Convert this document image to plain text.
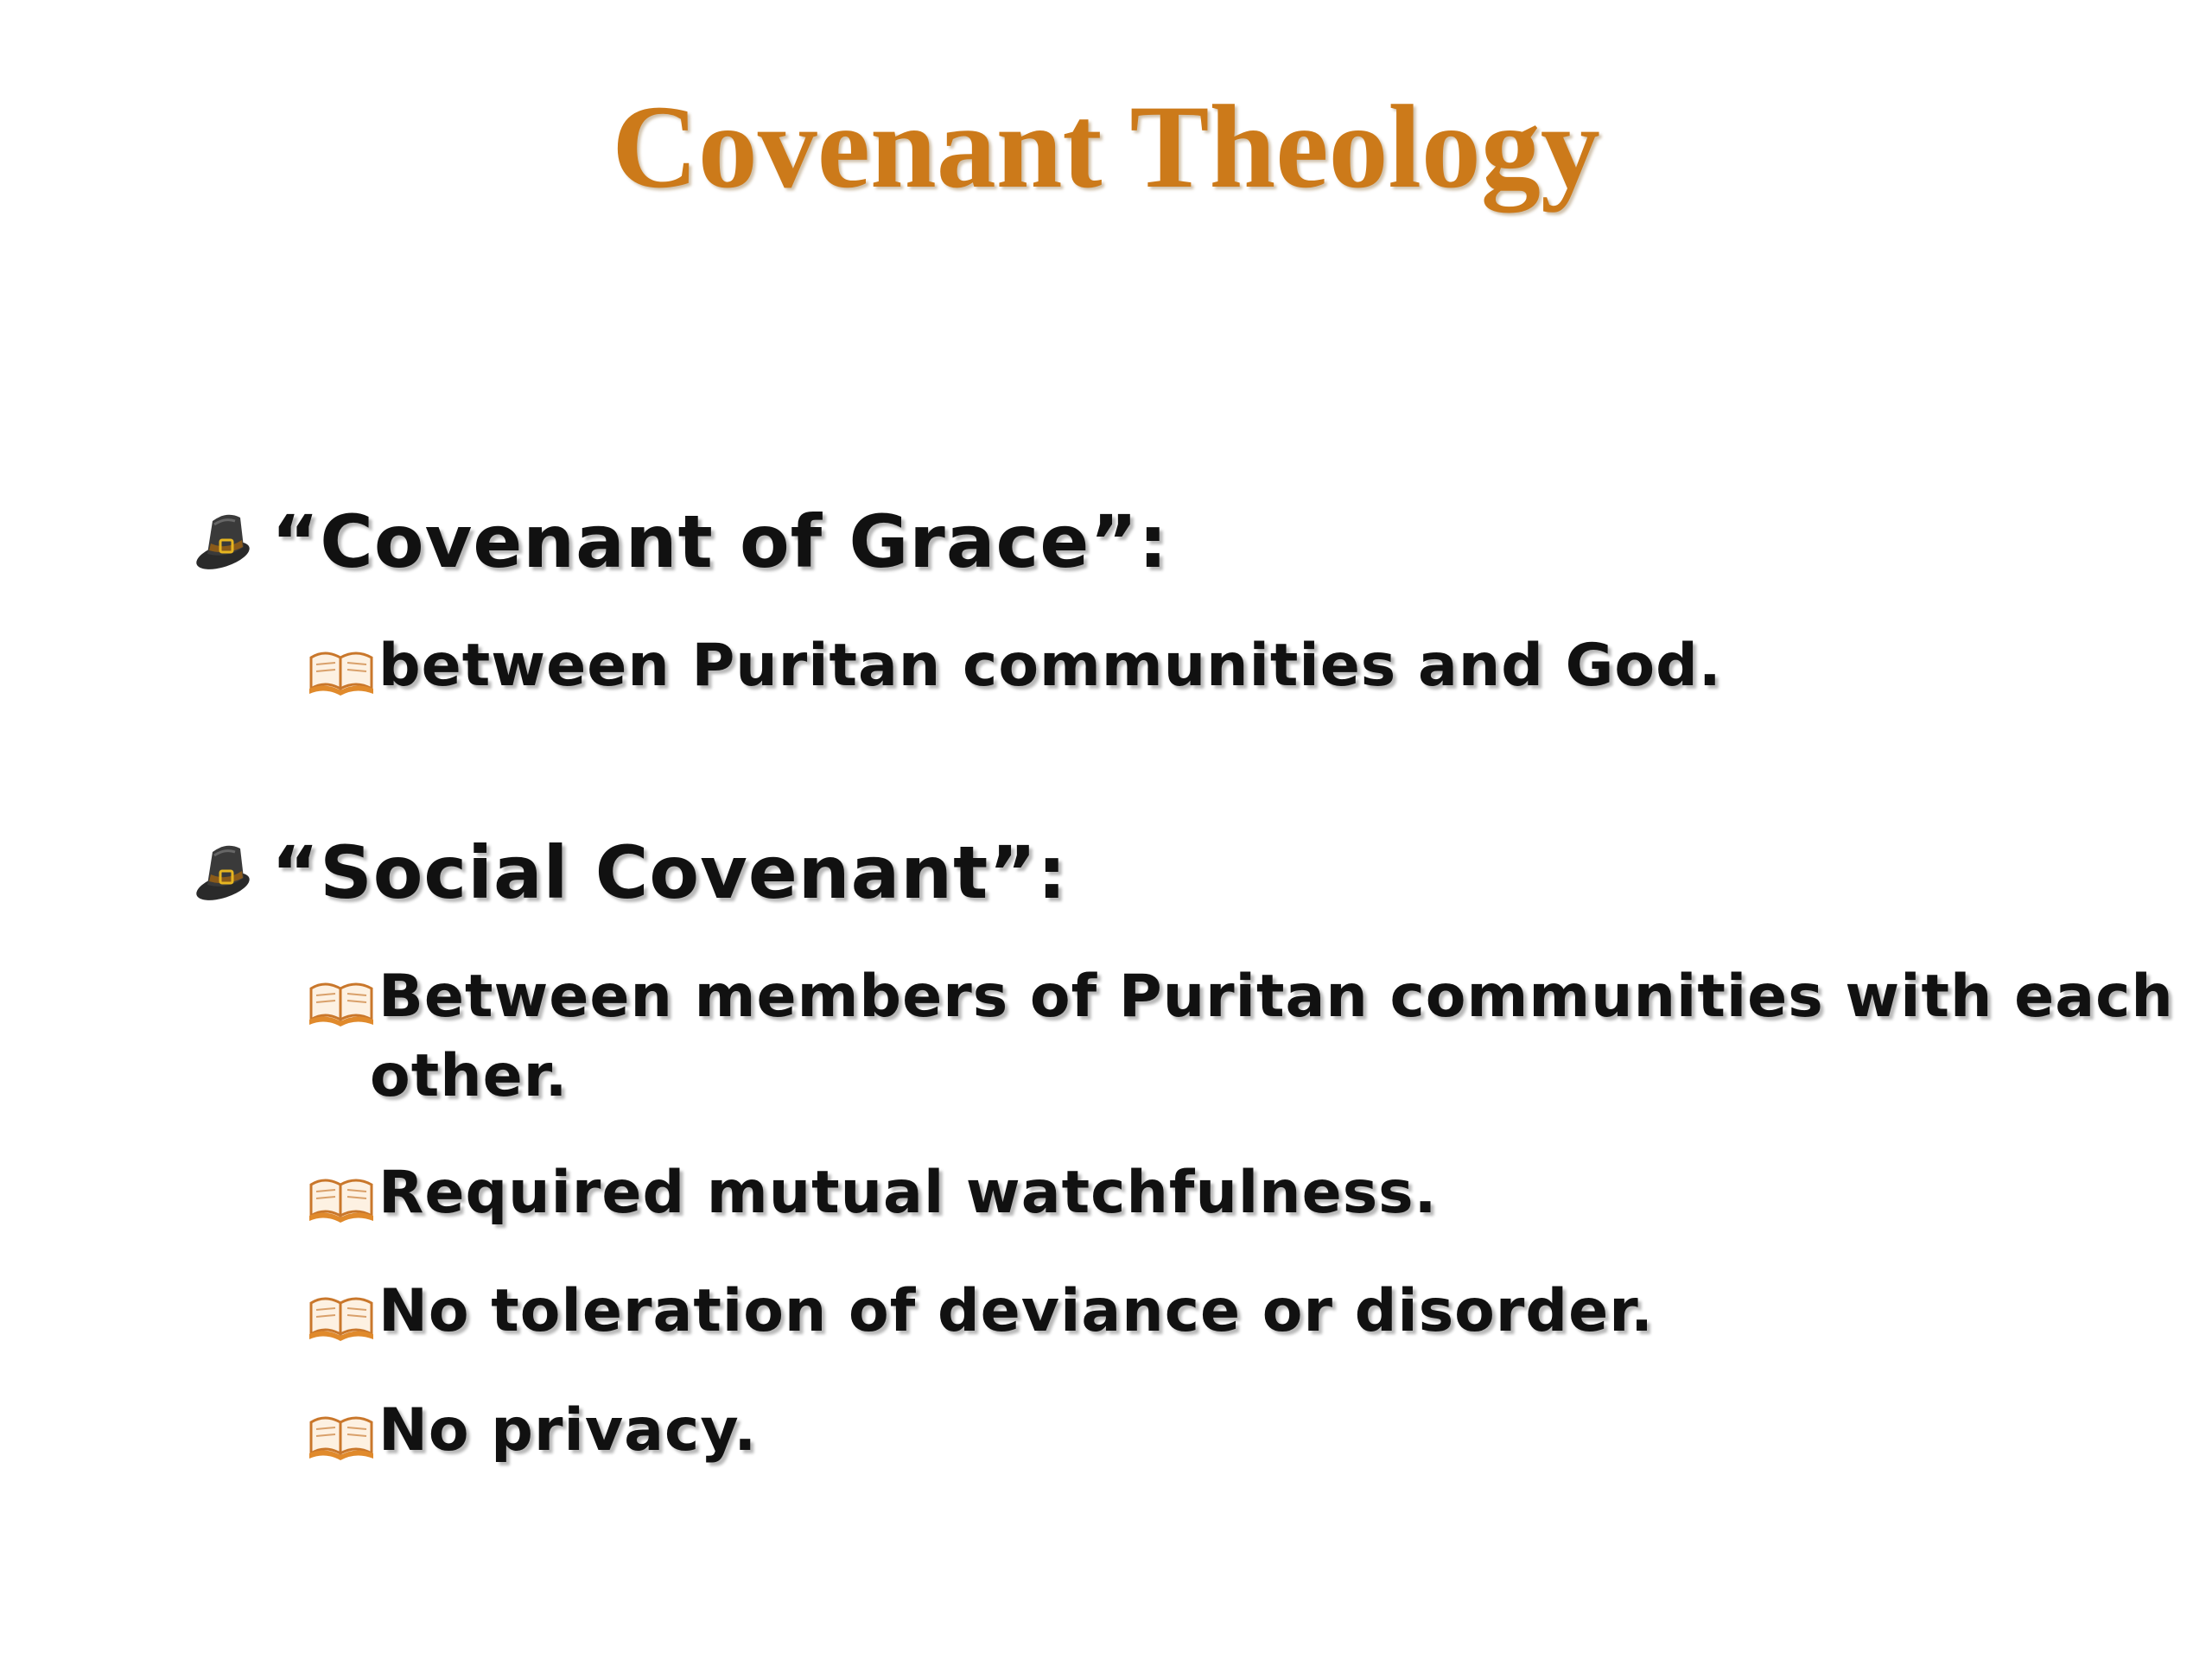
Covenant Theology
“Covenant of Grace”:
between Puritan communities and God.
“Social Covenant”:
Between members of Puritan communities with each
other.
Required mutual watchfulness.
No toleration of deviance or disorder.
No privacy.
